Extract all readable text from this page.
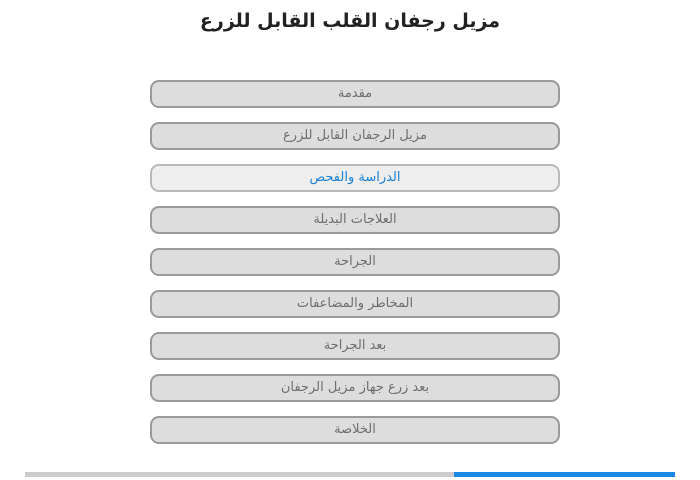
مزيل رجفان القلب القابل للزرع
مقدمة
مزيل الرجفان القابل للزرع
الدراسة والفحص
العلاجات البديلة
الجراحة
المخاطر والمضاعفات
بعد الجراحة
بعد زرع جهاز مزيل الرجفان
الخلاصة
